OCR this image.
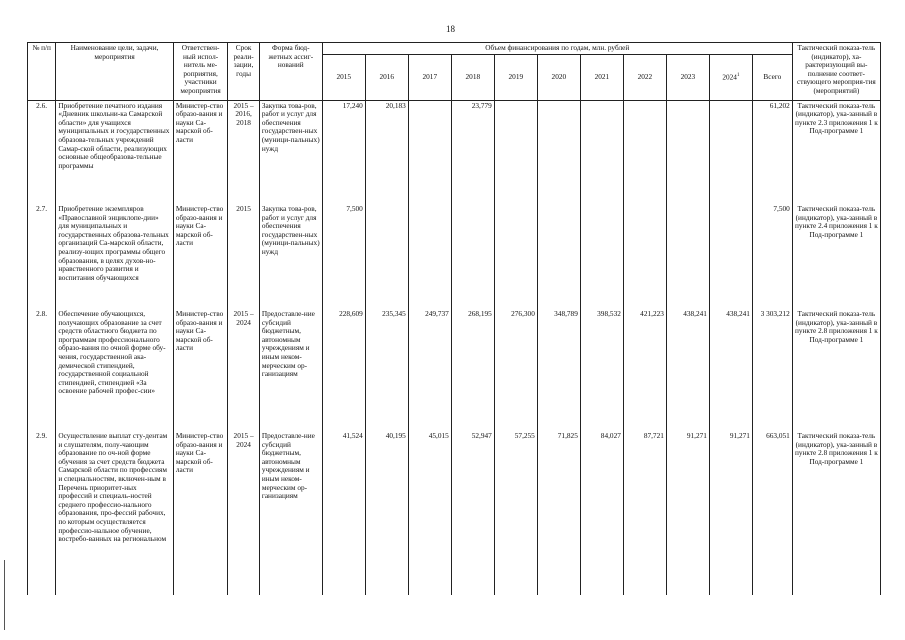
18
№ п/п	Наименование цели, задачи, мероприятия	Ответствен-ный испол-нитель ме-роприятия, участники мероприятия	Срок реали-зации, годы	Форма бюд-жетных ассиг-нований	Объем финансирования по годам, млн. рублей											Тактический показа-тель (индикатор), ха-рактеризующий вы-полнение соответ-ствующего мероприя-тия (мероприятий)
					2015	2016	2017	2018	2019	2020	2021	2022	2023	2024$^1$	Всего	
2.6.	Приобретение печатного издания «Дневник школьни-ка Самарской области» для учащихся муниципальных и государственных образова-тельных учреждений Самар-ской области, реализующих основные общеобразова-тельные программы	Министер-ство образо-вания и науки Са-марской об-ласти	2015 – 2016, 2018	Закупка това-ров, работ и услуг для обеспечения государствен-ных (муници-пальных) нужд	17,240	20,183		23,779							61,202	Тактический показа-тель (индикатор), ука-занный в пункте 2.3 приложения 1 к Под-программе 1
2.7.	Приобретение экземпляров «Православной энциклопе-дии» для муниципальных и государственных образова-тельных организаций Са-марской области, реализу-ющих программы общего образования, в целях духов-но-нравственного развития и воспитания обучающихся	Министер-ство образо-вания и науки Са-марской об-ласти	2015	Закупка това-ров, работ и услуг для обеспечения государствен-ных (муници-пальных) нужд	7,500										7,500	Тактический показа-тель (индикатор), ука-занный в пункте 2.4 приложения 1 к Под-программе 1
2.8.	Обеспечение обучающихся, получающих образование за счет средств областного бюджета по программам профессионального образо-вания по очной форме обу-чения, государственной ака-демической стипендией, государственной социальной стипендией, стипендией «За освоение рабочей профес-сии»	Министер-ство образо-вания и науки Са-марской об-ласти	2015 – 2024	Предоставле-ние субсидий бюджетным, автономным учреждениям и иным неком-мерческим ор-ганизациям	228,609	235,345	249,737	268,195	276,300	348,789	398,532	421,223	438,241	438,241	3 303,212	Тактический показа-тель (индикатор), ука-занный в пункте 2.8 приложения 1 к Под-программе 1
2.9.	Осуществление выплат сту-дентам и слушателям, полу-чающим образование по оч-ной форме обучения за счет средств бюджета Самарской области по профессиям и специальностям, включен-ным в Перечень приоритет-ных профессий и специаль-ностей среднего профессио-нального образования, про-фессий рабочих, по которым осуществляется профессио-нальное обучение, востребо-ванных на региональном	Министер-ство образо-вания и науки Са-марской об-ласти	2015 – 2024	Предоставле-ние субсидий бюджетным, автономным учреждениям и иным неком-мерческим ор-ганизациям	41,524	40,195	45,015	52,947	57,255	71,825	84,027	87,721	91,271	91,271	663,051	Тактический показа-тель (индикатор), ука-занный в пункте 2.8 приложения 1 к Под-программе 1
